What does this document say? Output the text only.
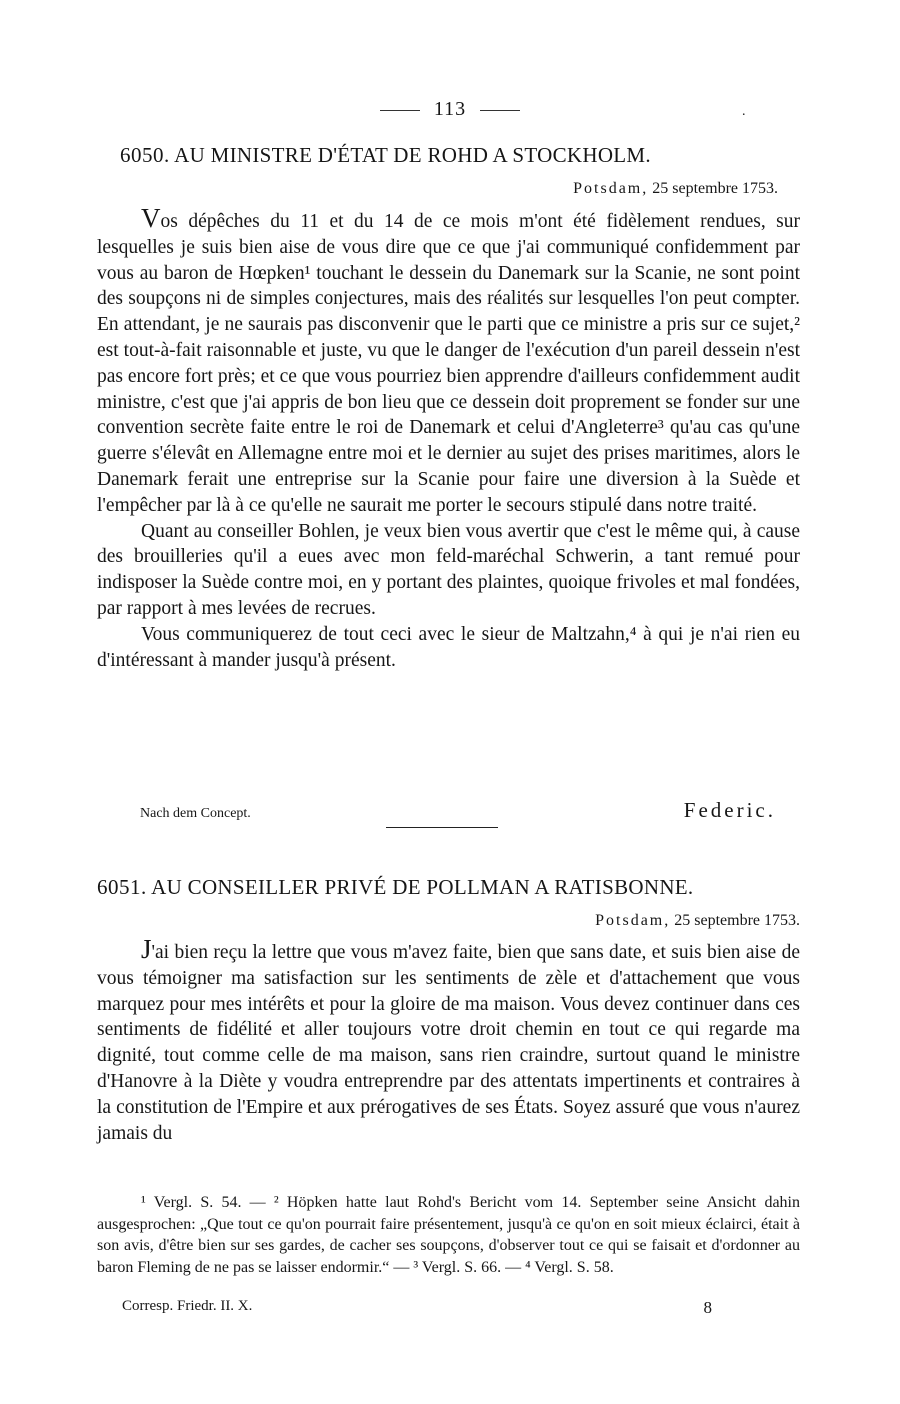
113	.
6050. AU MINISTRE D'ÉTAT DE ROHD A STOCKHOLM.
Potsdam, 25 septembre 1753.

Vos dépêches du 11 et du 14 de ce mois m'ont été fidèlement rendues, sur lesquelles je suis bien aise de vous dire que ce que j'ai communiqué confidemment par vous au baron de Hœpken¹ touchant le dessein du Danemark sur la Scanie, ne sont point des soupçons ni de simples conjectures, mais des réalités sur lesquelles l'on peut compter. En attendant, je ne saurais pas disconvenir que le parti que ce ministre a pris sur ce sujet,² est tout-à-fait raisonnable et juste, vu que le danger de l'exécution d'un pareil dessein n'est pas encore fort près; et ce que vous pourriez bien apprendre d'ailleurs confidemment audit ministre, c'est que j'ai appris de bon lieu que ce dessein doit proprement se fonder sur une convention secrète faite entre le roi de Danemark et celui d'Angleterre³ qu'au cas qu'une guerre s'élevât en Allemagne entre moi et le dernier au sujet des prises maritimes, alors le Danemark ferait une entreprise sur la Scanie pour faire une diversion à la Suède et l'empêcher par là à ce qu'elle ne saurait me porter le secours stipulé dans notre traité.

Quant au conseiller Bohlen, je veux bien vous avertir que c'est le même qui, à cause des brouilleries qu'il a eues avec mon feld-maréchal Schwerin, a tant remué pour indisposer la Suède contre moi, en y portant des plaintes, quoique frivoles et mal fondées, par rapport à mes levées de recrues.

Vous communiquerez de tout ceci avec le sieur de Maltzahn,⁴ à qui je n'ai rien eu d'intéressant à mander jusqu'à présent.

Nach dem Concept.	Federic.
6051. AU CONSEILLER PRIVÉ DE POLLMAN A RATISBONNE.
Potsdam, 25 septembre 1753.

J'ai bien reçu la lettre que vous m'avez faite, bien que sans date, et suis bien aise de vous témoigner ma satisfaction sur les sentiments de zèle et d'attachement que vous marquez pour mes intérêts et pour la gloire de ma maison. Vous devez continuer dans ces sentiments de fidélité et aller toujours votre droit chemin en tout ce qui regarde ma dignité, tout comme celle de ma maison, sans rien craindre, surtout quand le ministre d'Hanovre à la Diète y voudra entreprendre par des attentats impertinents et contraires à la constitution de l'Empire et aux prérogatives de ses États. Soyez assuré que vous n'aurez jamais du

¹ Vergl. S. 54. — ² Höpken hatte laut Rohd's Bericht vom 14. September seine Ansicht dahin ausgesprochen: „Que tout ce qu'on pourrait faire présentement, jusqu'à ce qu'on en soit mieux éclairci, était à son avis, d'être bien sur ses gardes, de cacher ses soupçons, d'observer tout ce qui se faisait et d'ordonner au baron Fleming de ne pas se laisser endormir.“ — ³ Vergl. S. 66. — ⁴ Vergl. S. 58.

Corresp. Friedr. II. X.	8
